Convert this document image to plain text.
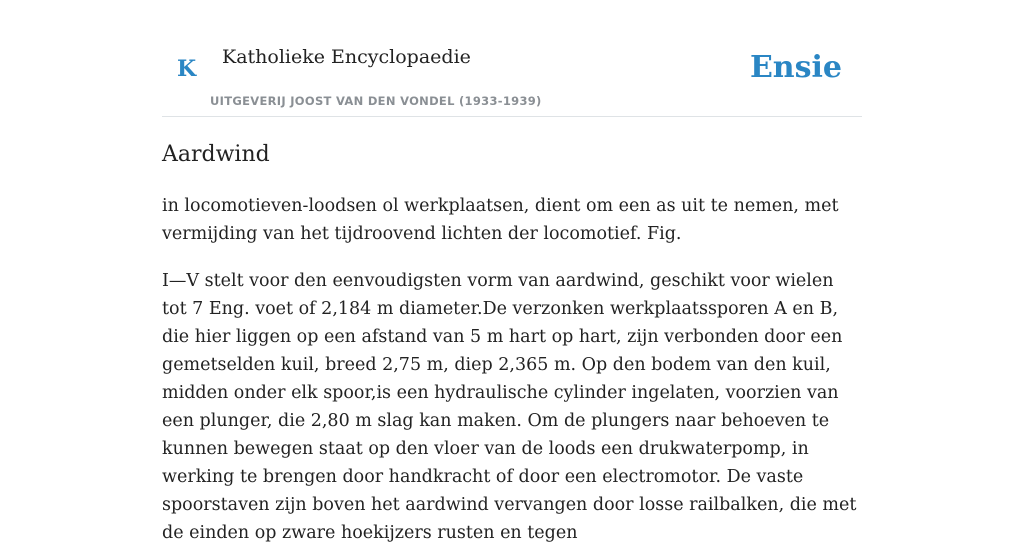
K Katholieke Encyclopaedie
UITGEVERIJ JOOST VAN DEN VONDEL (1933-1939)
Ensie
Aardwind

in locomotieven-loodsen ol werkplaatsen, dient om een as uit te nemen, met vermijding van het tijdroovend lichten der locomotief. Fig.

I—V stelt voor den eenvoudigsten vorm van aardwind, geschikt voor wielen tot 7 Eng. voet of 2,184 m diameter.De verzonken werkplaatssporen A en B, die hier liggen op een afstand van 5 m hart op hart, zijn verbonden door een gemetselden kuil, breed 2,75 m, diep 2,365 m. Op den bodem van den kuil, midden onder elk spoor,is een hydraulische cylinder ingelaten, voorzien van een plunger, die 2,80 m slag kan maken. Om de plungers naar behoeven te kunnen bewegen staat op den vloer van de loods een drukwaterpomp, in werking te brengen door handkracht of door een electromotor. De vaste spoorstaven zijn boven het aardwind vervangen door losse railbalken, die met de einden op zware hoekijzers rusten en tegen
